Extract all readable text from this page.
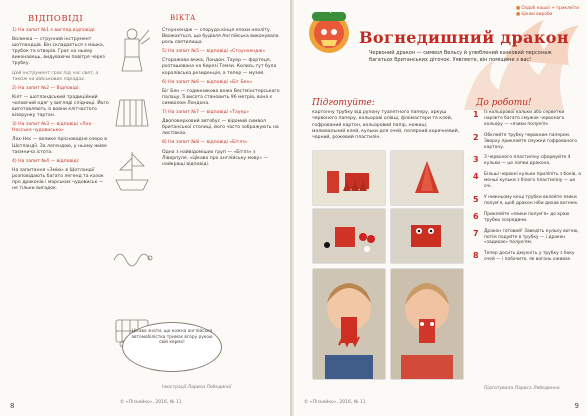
ВІДПОВІДІ	ВІКТА

1) На запит №1 є вигляд відповіді:

Волинка — струнний інструмент шотландців. Він складається з мішка, трубок та отворів. Грає на ньому виконавець, видуваючи повітря через трубку.

Цей інструмент грає під час свят, а також на військових парадах.

2) На запит №2 — Відповіді:

Кілт — шотландський традиційний чоловічий одяг у вигляді спідниці. Його виготовляють із вовни клітчастого візерунку тартан.

3) На запит №3 — відповіді «Лох-Несське чудовисько»

Лох-Нес — велике прісноводне озеро в Шотландії. За легендою, у ньому живе таємнича істота.

4) На запит №4 — відповіді:

На запитання «Змію» в Шотландії розповідають багато легенд та казок про драконів і морських чудовиськ — не тільки вигадок.

Стоунхендж — споруда кінця епохи неоліту. Вважається, що будівля Англійська виконувала роль святилища.

5) На запит №5 — відповіді «Стоунхендж»

Сторожова вежа, Лондон. Тауер — фортеця, розташована на березі Темзи. Колись тут була королівська резиденція, а тепер — музей.

6) На запит №6 — відповіді «Біг Бен»

Біг Бен — годинникова вежа Вестмінстерського палацу. Її висота становить 96 метрів, вона є символом Лондона.

7) На запит №7 — відповіді «Тауер»

Двоповерховий автобус — відомий символ британської столиці, його часто зображують на листівках.

8) На запит №8 — відповіді «Бітлз»

Одна з найвідоміших груп — «Бітлз» з Ліверпуля. «Цікаво про англійську мову» — найкращі відповіді.

Цікаво знати, що кожна англійська автомобілістка тримає вгору рукою свій кермо!
Ілюстрації Лариси Лебединої
© «Пізнайко», 2016, № 11
8
■ Оздоб нашої + приклеїти
■ Цікаві вироби
Майстерня
Вогнедишний дракон
Червоний дракон — символ Вельсу й улюблений казковий персонаж багатьох британських діточок. Уявляєте, він поміщене з вас!
Підготуйте:	До роботи!
картонну трубку від рулону туалетного паперу, аркуш червоного паперу, кольорові олівці, фломастери та клей, гофрований картон, кольоровий папір, ножиці, малювальний клей, кульки для очей, полярний коричневий, чорний, рожевий пластилін.
1	Із кольорової кальки або серветки наріжте багато смужок червоного кольору — «язики полум'я».
2	Обклейте трубку червоним папером. Зверху приклейте смужки гофрованого картону.
3	З червоного пластиліну сформуйте 4 кульки — це лапки дракона.
4	Більші червоні кульки приліпіть з боків, а менші кульки з білого пластиліну — це очі.
5	У нижньому кінці трубки вклейте язики полум'я, щоб дракон ніби дихав вогнем.
6	Приклейте «язики полум'я» до краю трубки зсередини.
7	Дракон готовий! Заведіть кульку вогню, потім подуйте в трубку — і дракон «задихає» полум'ям.
8	Тепер досить дмухніть у трубку з боку очей — і побачите, як вогонь оживає.
Підготувала Лариса Лебединна
© «Пізнайко», 2016, № 11	9
